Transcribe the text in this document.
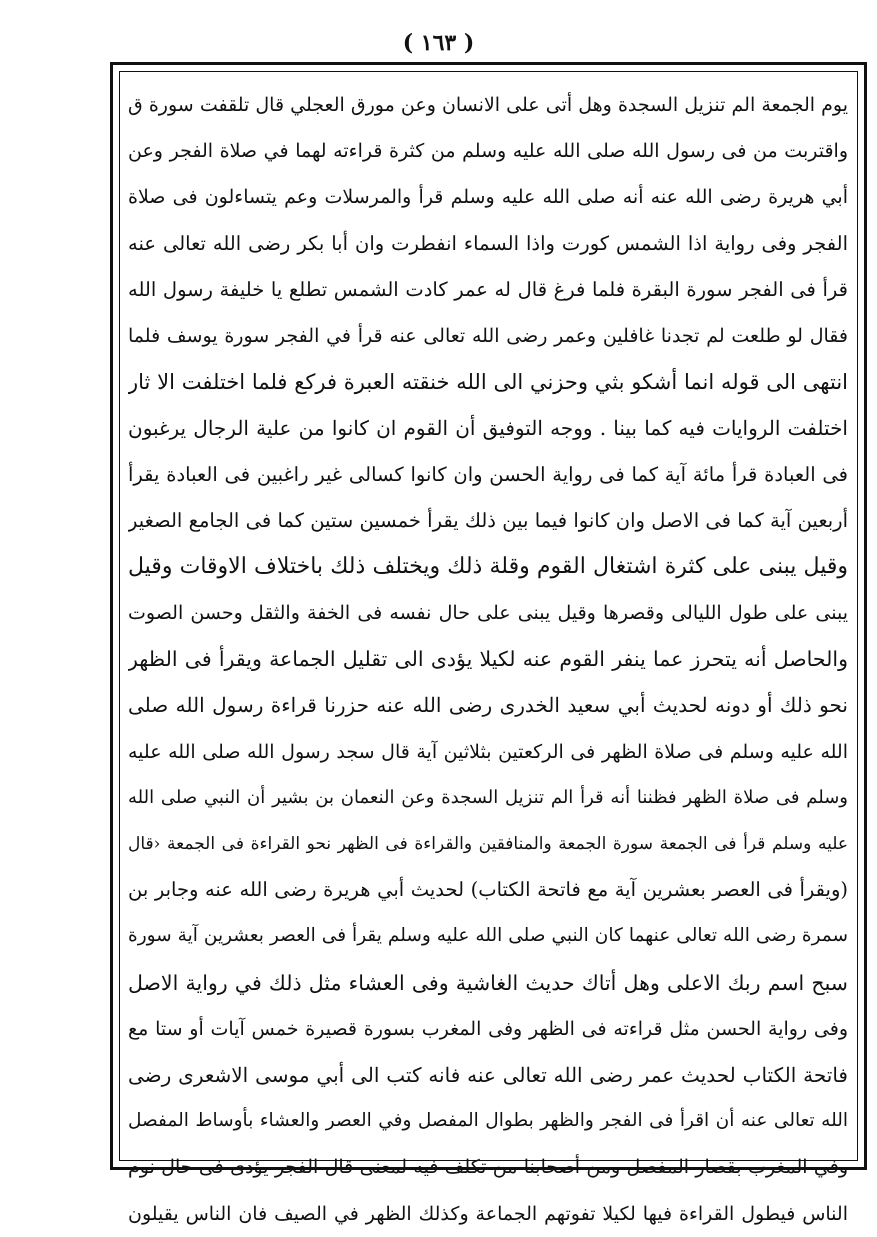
( ١٦٣ )
يوم الجمعة الم تنزيل السجدة وهل أتى على الانسان وعن مورق العجلي قال تلقفت سورة ق
واقتربت من فى رسول الله صلى الله عليه وسلم من كثرة قراءته لهما في صلاة الفجر وعن
أبي هريرة رضى الله عنه أنه صلى الله عليه وسلم قرأ والمرسلات وعم يتساءلون فى صلاة
الفجر وفى رواية اذا الشمس كورت واذا السماء انفطرت وان أبا بكر رضى الله تعالى عنه
قرأ فى الفجر سورة البقرة فلما فرغ قال له عمر كادت الشمس تطلع يا خليفة رسول الله
فقال لو طلعت لم تجدنا غافلين وعمر رضى الله تعالى عنه قرأ في الفجر سورة يوسف فلما
انتهى الى قوله انما أشكو بثي وحزني الى الله خنقته العبرة فركع فلما اختلفت الا ثار
اختلفت الروايات فيه كما بينا . ووجه التوفيق أن القوم ان كانوا من علية الرجال يرغبون
فى العبادة قرأ مائة آية كما فى رواية الحسن وان كانوا كسالى غير راغبين فى العبادة يقرأ
أربعين آية كما فى الاصل وان كانوا فيما بين ذلك يقرأ خمسين ستين كما فى الجامع الصغير
وقيل يبنى على كثرة اشتغال القوم وقلة ذلك ويختلف ذلك باختلاف الاوقات وقيل
يبنى على طول الليالى وقصرها وقيل يبنى على حال نفسه فى الخفة والثقل وحسن الصوت
والحاصل أنه يتحرز عما ينفر القوم عنه لكيلا يؤدى الى تقليل الجماعة ويقرأ فى الظهر
نحو ذلك أو دونه لحديث أبي سعيد الخدرى رضى الله عنه حزرنا قراءة رسول الله صلى
الله عليه وسلم فى صلاة الظهر فى الركعتين بثلاثين آية قال سجد رسول الله صلى الله عليه
وسلم فى صلاة الظهر فظننا أنه قرأ الم تنزيل السجدة وعن النعمان بن بشير أن النبي صلى الله
عليه وسلم قرأ فى الجمعة سورة الجمعة والمنافقين والقراءة فى الظهر نحو القراءة فى الجمعة ‹قال
(ويقرأ فى العصر بعشرين آية مع فاتحة الكتاب) لحديث أبي هريرة رضى الله عنه وجابر بن
سمرة رضى الله تعالى عنهما كان النبي صلى الله عليه وسلم يقرأ فى العصر بعشرين آية سورة
سبح اسم ربك الاعلى وهل أتاك حديث الغاشية وفى العشاء مثل ذلك في رواية الاصل
وفى رواية الحسن مثل قراءته فى الظهر وفى المغرب بسورة قصيرة خمس آيات أو ستا مع
فاتحة الكتاب لحديث عمر رضى الله تعالى عنه فانه كتب الى أبي موسى الاشعرى رضى
الله تعالى عنه أن اقرأ فى الفجر والظهر بطوال المفصل وفي العصر والعشاء بأوساط المفصل
وفي المغرب بقصار المفصل ومن أصحابنا من تكلف فيه لمعنى قال الفجر يؤدى فى حال نوم
الناس فيطول القراءة فيها لكيلا تفوتهم الجماعة وكذلك الظهر في الصيف فان الناس يقيلون
